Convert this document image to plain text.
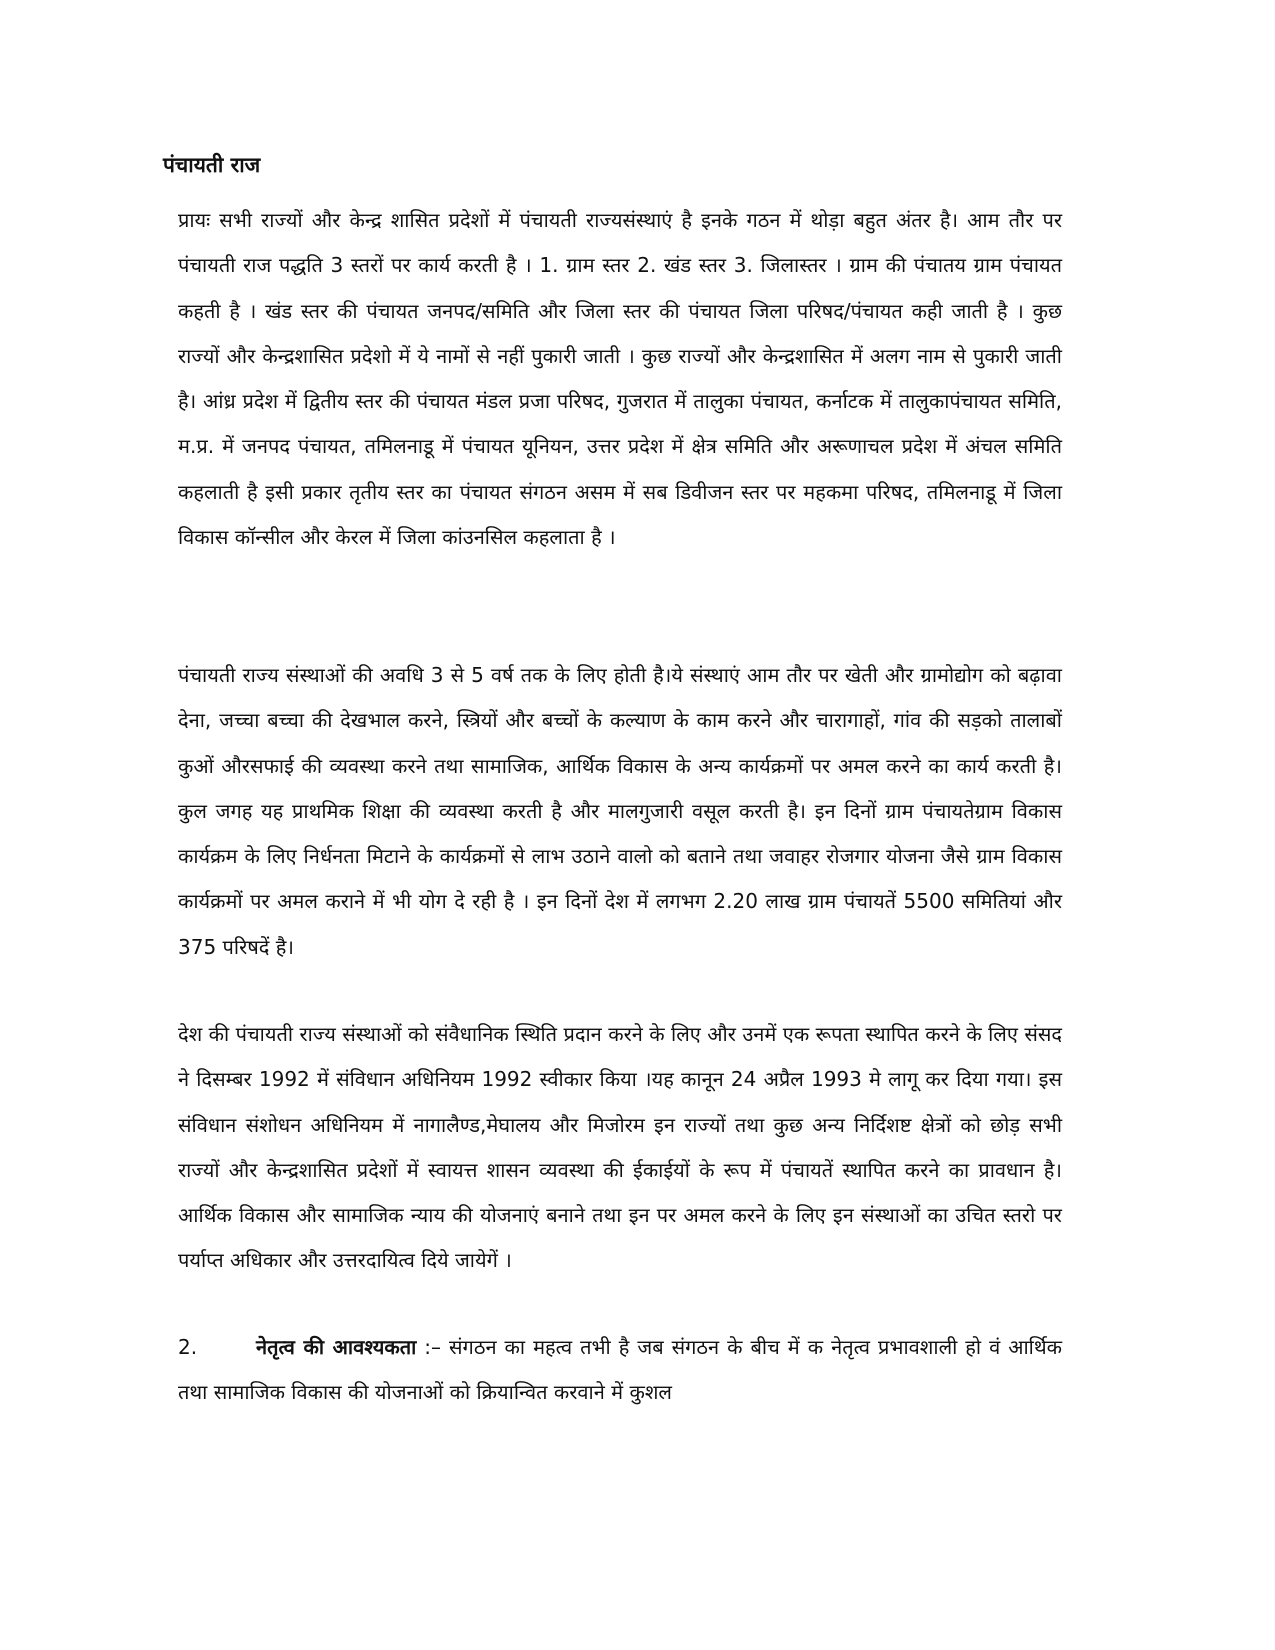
पंचायती राज

प्रायः सभी राज्यों और केन्द्र शासित प्रदेशों में पंचायती राज्यसंस्थाएं है इनके गठन में थोड़ा बहुत अंतर है। आम तौर पर पंचायती राज पद्धति 3 स्तरों पर कार्य करती है । 1. ग्राम स्तर 2. खंड स्तर 3. जिलास्तर । ग्राम की पंचातय ग्राम पंचायत कहती है । खंड स्तर की पंचायत जनपद/समिति और जिला स्तर की पंचायत जिला परिषद/पंचायत कही जाती है । कुछ राज्यों और केन्द्रशासित प्रदेशो में ये नामों से नहीं पुकारी जाती । कुछ राज्यों और केन्द्रशासित में अलग नाम से पुकारी जाती है। आंध्र प्रदेश में द्वितीय स्तर की पंचायत मंडल प्रजा परिषद, गुजरात में तालुका पंचायत, कर्नाटक में तालुकापंचायत समिति, म.प्र. में जनपद पंचायत, तमिलनाडू में पंचायत यूनियन, उत्तर प्रदेश में क्षेत्र समिति और अरूणाचल प्रदेश में अंचल समिति कहलाती है इसी प्रकार तृतीय स्तर का पंचायत संगठन असम में सब डिवीजन स्तर पर महकमा परिषद, तमिलनाडू में जिला विकास कॉन्सील और केरल में जिला कांउनसिल कहलाता है ।

पंचायती राज्य संस्थाओं की अवधि 3 से 5 वर्ष तक के लिए होती है।ये संस्थाएं आम तौर पर खेती और ग्रामोद्योग को बढ़ावा देना, जच्चा बच्चा की देखभाल करने, स्त्रियों और बच्चों के कल्याण के काम करने और चारागाहों, गांव की सड़को तालाबों कुओं औरसफाई की व्यवस्था करने तथा सामाजिक, आर्थिक विकास के अन्य कार्यक्रमों पर अमल करने का कार्य करती है। कुल जगह यह प्राथमिक शिक्षा की व्यवस्था करती है और मालगुजारी वसूल करती है। इन दिनों ग्राम पंचायतेग्राम विकास कार्यक्रम के लिए निर्धनता मिटाने के कार्यक्रमों से लाभ उठाने वालो को बताने तथा जवाहर रोजगार योजना जैसे ग्राम विकास कार्यक्रमों पर अमल कराने में भी योग दे रही है । इन दिनों देश में लगभग 2.20 लाख ग्राम पंचायतें 5500 समितियां और 375 परिषदें है।

देश की पंचायती राज्य संस्थाओं को संवैधानिक स्थिति प्रदान करने के लिए और उनमें एक रूपता स्थापित करने के लिए संसद ने दिसम्बर 1992 में संविधान अधिनियम 1992 स्वीकार किया ।यह कानून 24 अप्रैल 1993 मे लागू कर दिया गया। इस संविधान संशोधन अधिनियम में नागालैण्ड,मेघालय और मिजोरम इन राज्यों तथा कुछ अन्य निर्दिशष्ट क्षेत्रों को छोड़ सभी राज्यों और केन्द्रशासित प्रदेशों में स्वायत्त शासन व्यवस्था की ईकाईयों के रूप में पंचायतें स्थापित करने का प्रावधान है। आर्थिक विकास और सामाजिक न्याय की योजनाएं बनाने तथा इन पर अमल करने के लिए इन संस्थाओं का उचित स्तरो पर पर्याप्त अधिकार और उत्तरदायित्व दिये जायेगें ।

2.	नेतृत्व की आवश्यकता :– संगठन का महत्व तभी है जब संगठन के बीच में क नेतृत्व प्रभावशाली हो वं आर्थिक तथा सामाजिक विकास की योजनाओं को क्रियान्वित करवाने में कुशल
